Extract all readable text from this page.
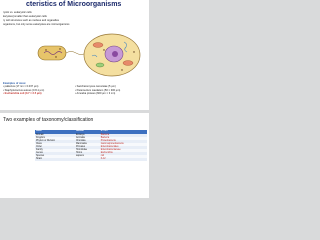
cteristics of Microorganisms
ryotic vs. eukaryotic cells
karyotes] smaller than eukaryotic cells
ry cell structures such as nucleus and organelles
organisms, but only some eukaryotes are microorganisms
Examples of sizes:
• pallectus (17 nm × 0.037 µm)
• Staphylococcus aureus (0.8-1 µm)
• Escherichia coli (0.7 × 2.5 µm)
• Saccharomyces cerevisiae (5 µm)
• Paramecium caudatum (50 × 300 µm)
• Amoeba proteus (600 µm × 3 cm)
Two examples of taxonomy/classification
Rank	Human	E. coli
Domain	Eukarya	Bacteria
Kingdom	Animalia	Bacteria
Phylum or Division	Chordata	Proteobacteria
Class	Mammalia	Gammaproteobacteria
Order	Primates	Enterobacteriales
Family	Hominidae	Enterobacteriaceae
Genus	Homo	Escherichia
Species	sapiens	coli
Strain		K-12
